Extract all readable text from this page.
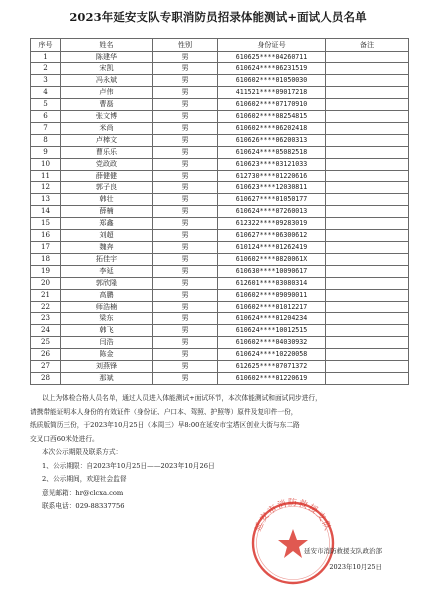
2023年延安支队专职消防员招录体能测试+面试人员名单
序号	姓名	性别	身份证号	备注
1	陈建华	男	610625****04260711	
2	宋凯	男	610624****06231519	
3	冯永斌	男	610602****01050030	
4	卢伟	男	411521****09017218	
5	曹磊	男	610602****07170910	
6	张文博	男	610602****08254815	
7	米尚	男	610602****06202418	
8	卢棒文	男	610626****06200313	
9	曹乐乐	男	610624****05082518	
10	党政政	男	610623****03121033	
11	薛健健	男	612730****01220616	
12	郭子良	男	610623****12030811	
13	韩壮	男	610627****01050177	
14	薛楠	男	610624****07260013	
15	郑鑫	男	612322****09283019	
16	刘超	男	610627****06300612	
17	魏奔	男	610124****01262419	
18	拓佳宇	男	610602****0820061X	
19	李延	男	610630****10090617	
20	郭欣隆	男	612601****03080314	
21	高鹏	男	610602****09090011	
22	师浩楠	男	610602****01012217	
23	梁东	男	610624****01204234	
24	韩飞	男	610624****10012515	
25	闫浩	男	610602****04030932	
26	陈金	男	610624****10220058	
27	刘燕锋	男	612625****07071372	
28	那斌	男	610602****01220619	

以上为体检合格人员名单，通过人员进入体能测试+面试环节，本次体能测试和面试同步进行，

请携带能证明本人身份的有效证件（身份证、户口本、驾照、护照等）原件及复印件一份，

纸质版简历三份，于2023年10月25日（本周三）早8:00在延安市宝塔区创业大街与东二路

交叉口西60米处进行。

本次公示期限及联系方式：

1、公示期限：自2023年10月25日——2023年10月26日

2、公示期间，欢迎社会监督

意见邮箱：hr@clcxa.com

联系电话：029-88337756

延安市消防救援支队
延安市消防救援支队政治部
2023年10月25日
